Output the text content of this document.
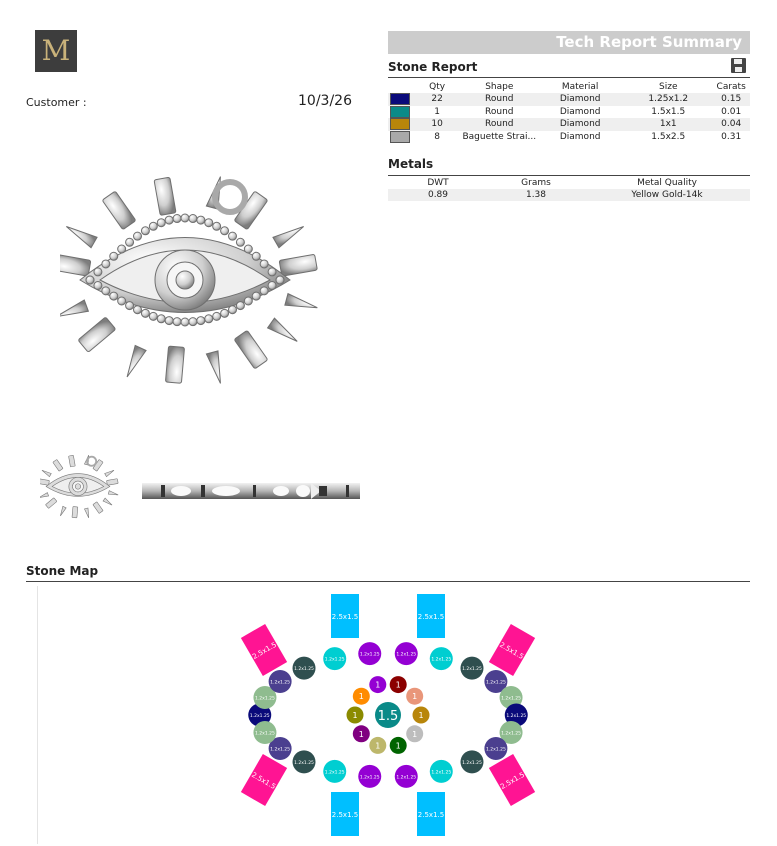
M
Customer :	10/3/26
Tech Report Summary
Stone Report
	Qty	Shape	Material	Size	Carats
	22	Round	Diamond	1.25x1.2	0.15
	1	Round	Diamond	1.5x1.5	0.01
	10	Round	Diamond	1x1	0.04
	8	Baguette Strai...	Diamond	1.5x2.5	0.31
Metals
DWT	Grams	Metal Quality
0.89	1.38	Yellow Gold-14k
Stone Map
2.5x1.5	2.5x1.5
2.5x1.5	2.5x1.5
2.5x1.5	2.5x1.5
2.5x1.5	2.5x1.5
1.2x1.25
1.2x1.25
1.2x1.25
1.2x1.25
1.2x1.25
1.2x1.25	1.2x1.25
1.2x1.25
1.2x1.25
1.2x1.25
1.2x1.25
1.2x1.25
1.2x1.25
1.2x1.25
1.2x1.25
1.2x1.25
1.2x1.25
1.2x1.25
1.2x1.25
1.2x1.25
1.2x1.25
1.2x1.25
1
1
1 1
1
1
1
1
1
1
1.5
